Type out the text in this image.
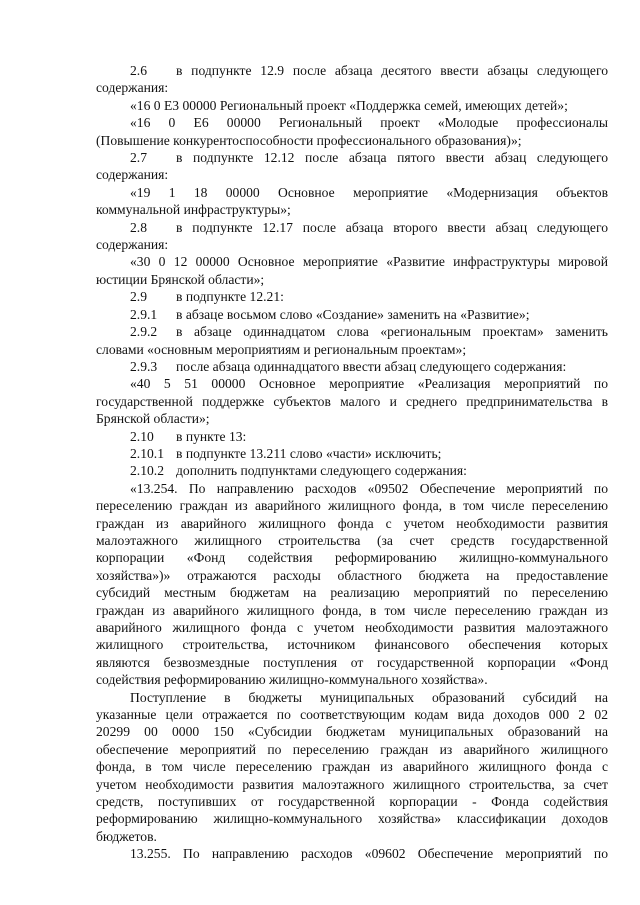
2.6 в подпункте 12.9 после абзаца десятого ввести абзацы следующего
содержания:
«16 0 E3 00000 Региональный проект «Поддержка семей, имеющих детей»;
«16 0 E6 00000 Региональный проект «Молодые профессионалы
(Повышение конкурентоспособности профессионального образования)»;
2.7 в подпункте 12.12 после абзаца пятого ввести абзац следующего
содержания:
«19 1 18 00000 Основное мероприятие «Модернизация объектов
коммунальной инфраструктуры»;
2.8 в подпункте 12.17 после абзаца второго ввести абзац следующего
содержания:
«30 0 12 00000 Основное мероприятие «Развитие инфраструктуры мировой
юстиции Брянской области»;
2.9 в подпункте 12.21:
2.9.1 в абзаце восьмом слово «Создание» заменить на «Развитие»;
2.9.2 в абзаце одиннадцатом слова «региональным проектам» заменить
словами «основным мероприятиям и региональным проектам»;
2.9.3 после абзаца одиннадцатого ввести абзац следующего содержания:
«40 5 51 00000 Основное мероприятие «Реализация мероприятий по
государственной поддержке субъектов малого и среднего предпринимательства в
Брянской области»;
2.10 в пункте 13:
2.10.1 в подпункте 13.211 слово «части» исключить;
2.10.2 дополнить подпунктами следующего содержания:
«13.254. По направлению расходов «09502 Обеспечение мероприятий по
переселению граждан из аварийного жилищного фонда, в том числе переселению
граждан из аварийного жилищного фонда с учетом необходимости развития
малоэтажного жилищного строительства (за счет средств государственной
корпорации «Фонд содействия реформированию жилищно-коммунального
хозяйства»)» отражаются расходы областного бюджета на предоставление
субсидий местным бюджетам на реализацию мероприятий по переселению
граждан из аварийного жилищного фонда, в том числе переселению граждан из
аварийного жилищного фонда с учетом необходимости развития малоэтажного
жилищного строительства, источником финансового обеспечения которых
являются безвозмездные поступления от государственной корпорации «Фонд
содействия реформированию жилищно-коммунального хозяйства».
Поступление в бюджеты муниципальных образований субсидий на
указанные цели отражается по соответствующим кодам вида доходов 000 2 02
20299 00 0000 150 «Субсидии бюджетам муниципальных образований на
обеспечение мероприятий по переселению граждан из аварийного жилищного
фонда, в том числе переселению граждан из аварийного жилищного фонда с
учетом необходимости развития малоэтажного жилищного строительства, за счет
средств, поступивших от государственной корпорации - Фонда содействия
реформированию жилищно-коммунального хозяйства» классификации доходов
бюджетов.
13.255. По направлению расходов «09602 Обеспечение мероприятий по
